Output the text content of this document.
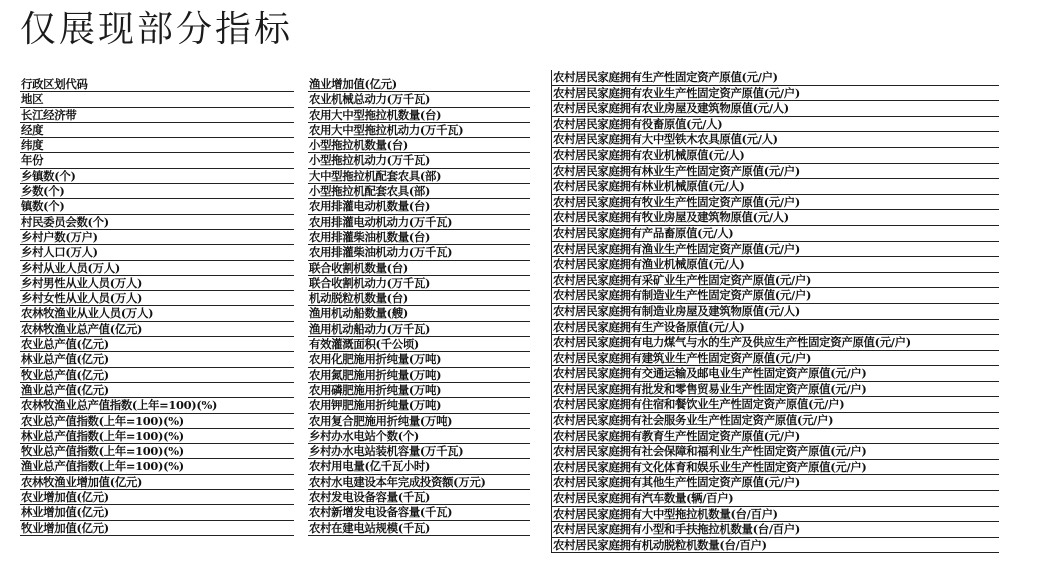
仅展现部分指标
行政区划代码
地区
长江经济带
经度
纬度
年份
乡镇数(个)
乡数(个)
镇数(个)
村民委员会数(个)
乡村户数(万户)
乡村人口(万人)
乡村从业人员(万人)
乡村男性从业人员(万人)
乡村女性从业人员(万人)
农林牧渔业从业人员(万人)
农林牧渔业总产值(亿元)
农业总产值(亿元)
林业总产值(亿元)
牧业总产值(亿元)
渔业总产值(亿元)
农林牧渔业总产值指数(上年=100)(%)
农业总产值指数(上年=100)(%)
林业总产值指数(上年=100)(%)
牧业总产值指数(上年=100)(%)
渔业总产值指数(上年=100)(%)
农林牧渔业增加值(亿元)
农业增加值(亿元)
林业增加值(亿元)
牧业增加值(亿元)
渔业增加值(亿元)
农业机械总动力(万千瓦)
农用大中型拖拉机数量(台)
农用大中型拖拉机动力(万千瓦)
小型拖拉机数量(台)
小型拖拉机动力(万千瓦)
大中型拖拉机配套农具(部)
小型拖拉机配套农具(部)
农用排灌电动机数量(台)
农用排灌电动机动力(万千瓦)
农用排灌柴油机数量(台)
农用排灌柴油机动力(万千瓦)
联合收割机数量(台)
联合收割机动力(万千瓦)
机动脱粒机数量(台)
渔用机动船数量(艘)
渔用机动船动力(万千瓦)
有效灌溉面积(千公顷)
农用化肥施用折纯量(万吨)
农用氮肥施用折纯量(万吨)
农用磷肥施用折纯量(万吨)
农用钾肥施用折纯量(万吨)
农用复合肥施用折纯量(万吨)
乡村办水电站个数(个)
乡村办水电站装机容量(万千瓦)
农村用电量(亿千瓦小时)
农村水电建设本年完成投资额(万元)
农村发电设备容量(千瓦)
农村新增发电设备容量(千瓦)
农村在建电站规模(千瓦)
农村居民家庭拥有生产性固定资产原值(元/户)
农村居民家庭拥有农业生产性固定资产原值(元/户)
农村居民家庭拥有农业房屋及建筑物原值(元/人)
农村居民家庭拥有役畜原值(元/人)
农村居民家庭拥有大中型铁木农具原值(元/人)
农村居民家庭拥有农业机械原值(元/人)
农村居民家庭拥有林业生产性固定资产原值(元/户)
农村居民家庭拥有林业机械原值(元/人)
农村居民家庭拥有牧业生产性固定资产原值(元/户)
农村居民家庭拥有牧业房屋及建筑物原值(元/人)
农村居民家庭拥有产品畜原值(元/人)
农村居民家庭拥有渔业生产性固定资产原值(元/户)
农村居民家庭拥有渔业机械原值(元/人)
农村居民家庭拥有采矿业生产性固定资产原值(元/户)
农村居民家庭拥有制造业生产性固定资产原值(元/户)
农村居民家庭拥有制造业房屋及建筑物原值(元/人)
农村居民家庭拥有生产设备原值(元/人)
农村居民家庭拥有电力煤气与水的生产及供应生产性固定资产原值(元/户)
农村居民家庭拥有建筑业生产性固定资产原值(元/户)
农村居民家庭拥有交通运输及邮电业生产性固定资产原值(元/户)
农村居民家庭拥有批发和零售贸易业生产性固定资产原值(元/户)
农村居民家庭拥有住宿和餐饮业生产性固定资产原值(元/户)
农村居民家庭拥有社会服务业生产性固定资产原值(元/户)
农村居民家庭拥有教育生产性固定资产原值(元/户)
农村居民家庭拥有社会保障和福利业生产性固定资产原值(元/户)
农村居民家庭拥有文化体育和娱乐业生产性固定资产原值(元/户)
农村居民家庭拥有其他生产性固定资产原值(元/户)
农村居民家庭拥有汽车数量(辆/百户)
农村居民家庭拥有大中型拖拉机数量(台/百户)
农村居民家庭拥有小型和手扶拖拉机数量(台/百户)
农村居民家庭拥有机动脱粒机数量(台/百户)
